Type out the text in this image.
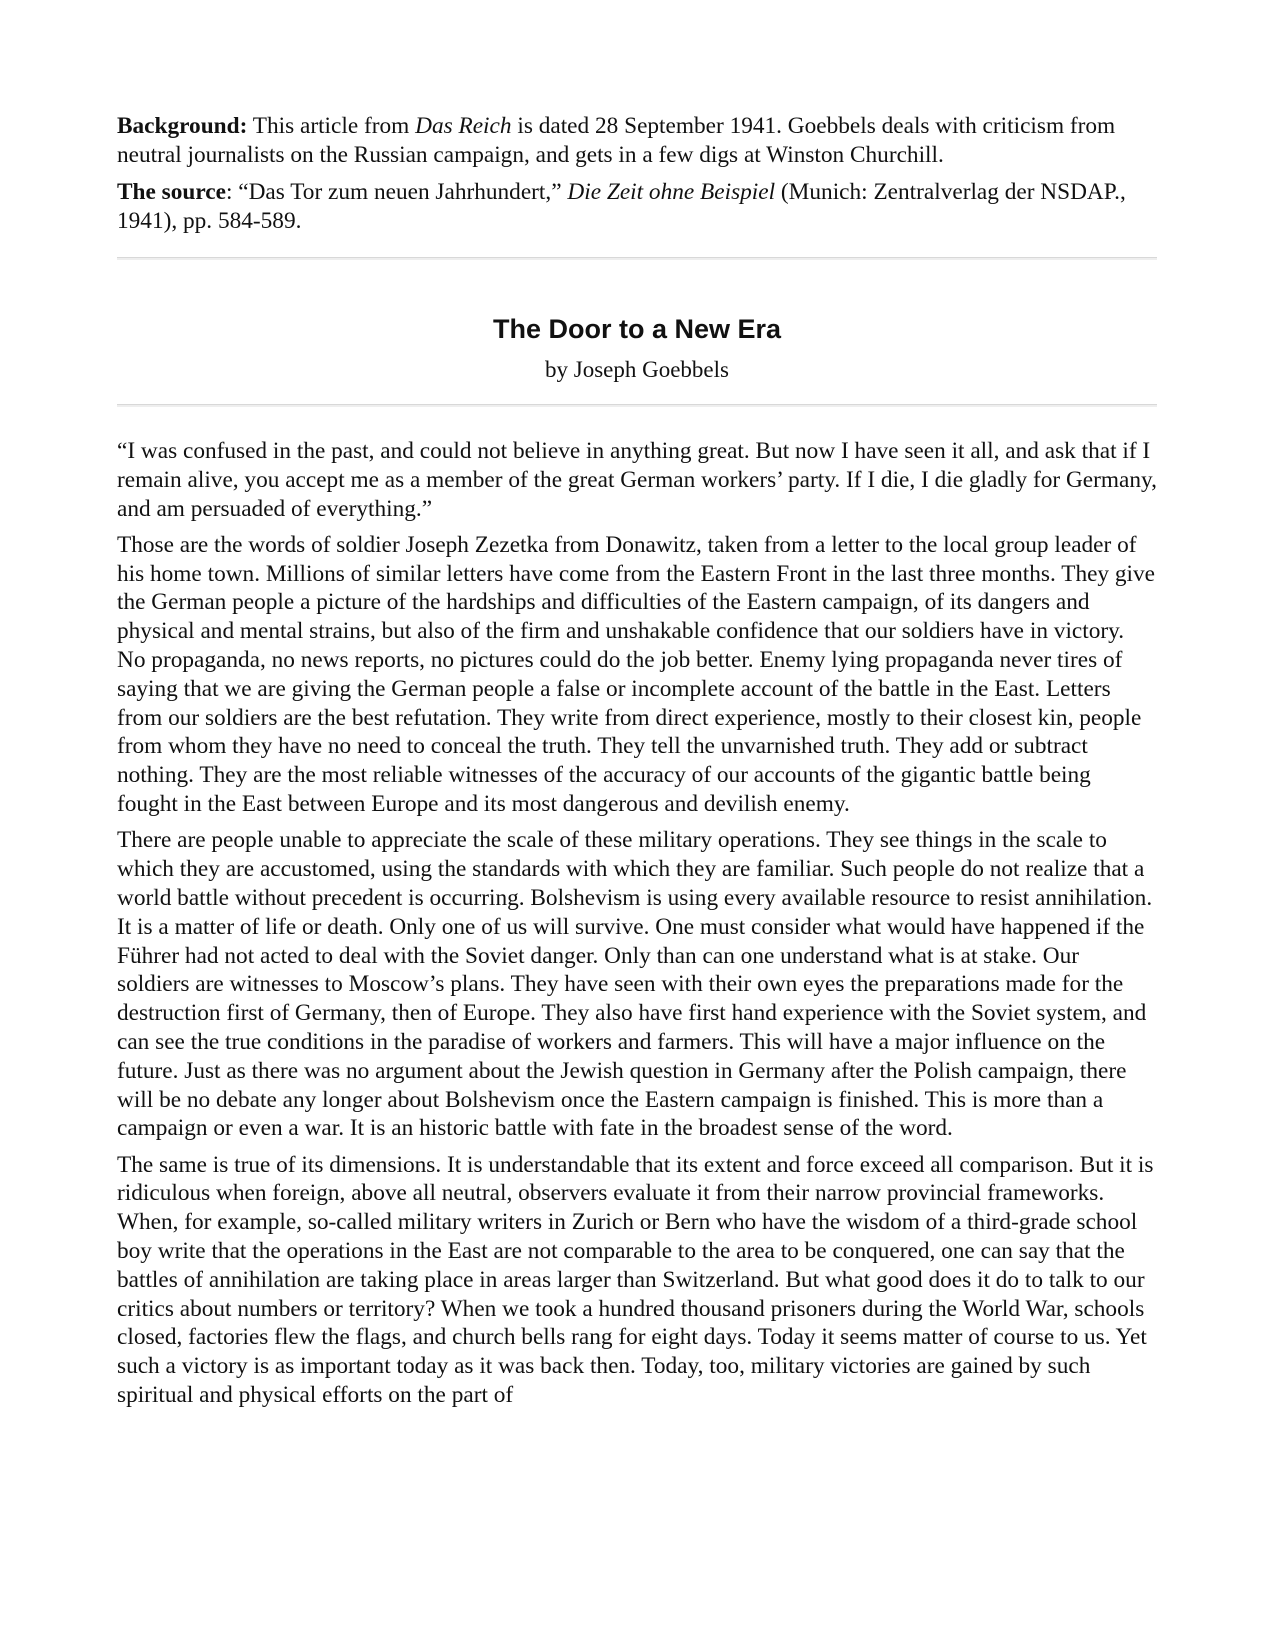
Background: This article from Das Reich is dated 28 September 1941. Goebbels deals with criticism from neutral journalists on the Russian campaign, and gets in a few digs at Winston Churchill.

The source: “Das Tor zum neuen Jahrhundert,” Die Zeit ohne Beispiel (Munich: Zentralverlag der NSDAP., 1941), pp. 584-589.

The Door to a New Era

by Joseph Goebbels

“I was confused in the past, and could not believe in anything great. But now I have seen it all, and ask that if I remain alive, you accept me as a member of the great German workers’ party. If I die, I die gladly for Germany, and am persuaded of everything.”

Those are the words of soldier Joseph Zezetka from Donawitz, taken from a letter to the local group leader of his home town. Millions of similar letters have come from the Eastern Front in the last three months. They give the German people a picture of the hardships and difficulties of the Eastern campaign, of its dangers and physical and mental strains, but also of the firm and unshakable confidence that our soldiers have in victory. No propaganda, no news reports, no pictures could do the job better. Enemy lying propaganda never tires of saying that we are giving the German people a false or incomplete account of the battle in the East. Letters from our soldiers are the best refutation. They write from direct experience, mostly to their closest kin, people from whom they have no need to conceal the truth. They tell the unvarnished truth. They add or subtract nothing. They are the most reliable witnesses of the accuracy of our accounts of the gigantic battle being fought in the East between Europe and its most dangerous and devilish enemy.

There are people unable to appreciate the scale of these military operations. They see things in the scale to which they are accustomed, using the standards with which they are familiar. Such people do not realize that a world battle without precedent is occurring. Bolshevism is using every available resource to resist annihilation. It is a matter of life or death. Only one of us will survive. One must consider what would have happened if the Führer had not acted to deal with the Soviet danger. Only than can one understand what is at stake. Our soldiers are witnesses to Moscow’s plans. They have seen with their own eyes the preparations made for the destruction first of Germany, then of Europe. They also have first hand experience with the Soviet system, and can see the true conditions in the paradise of workers and farmers. This will have a major influence on the future. Just as there was no argument about the Jewish question in Germany after the Polish campaign, there will be no debate any longer about Bolshevism once the Eastern campaign is finished. This is more than a campaign or even a war. It is an historic battle with fate in the broadest sense of the word.

The same is true of its dimensions. It is understandable that its extent and force exceed all comparison. But it is ridiculous when foreign, above all neutral, observers evaluate it from their narrow provincial frameworks. When, for example, so-called military writers in Zurich or Bern who have the wisdom of a third-grade school boy write that the operations in the East are not comparable to the area to be conquered, one can say that the battles of annihilation are taking place in areas larger than Switzerland. But what good does it do to talk to our critics about numbers or territory? When we took a hundred thousand prisoners during the World War, schools closed, factories flew the flags, and church bells rang for eight days. Today it seems matter of course to us. Yet such a victory is as important today as it was back then. Today, too, military victories are gained by such spiritual and physical efforts on the part of
